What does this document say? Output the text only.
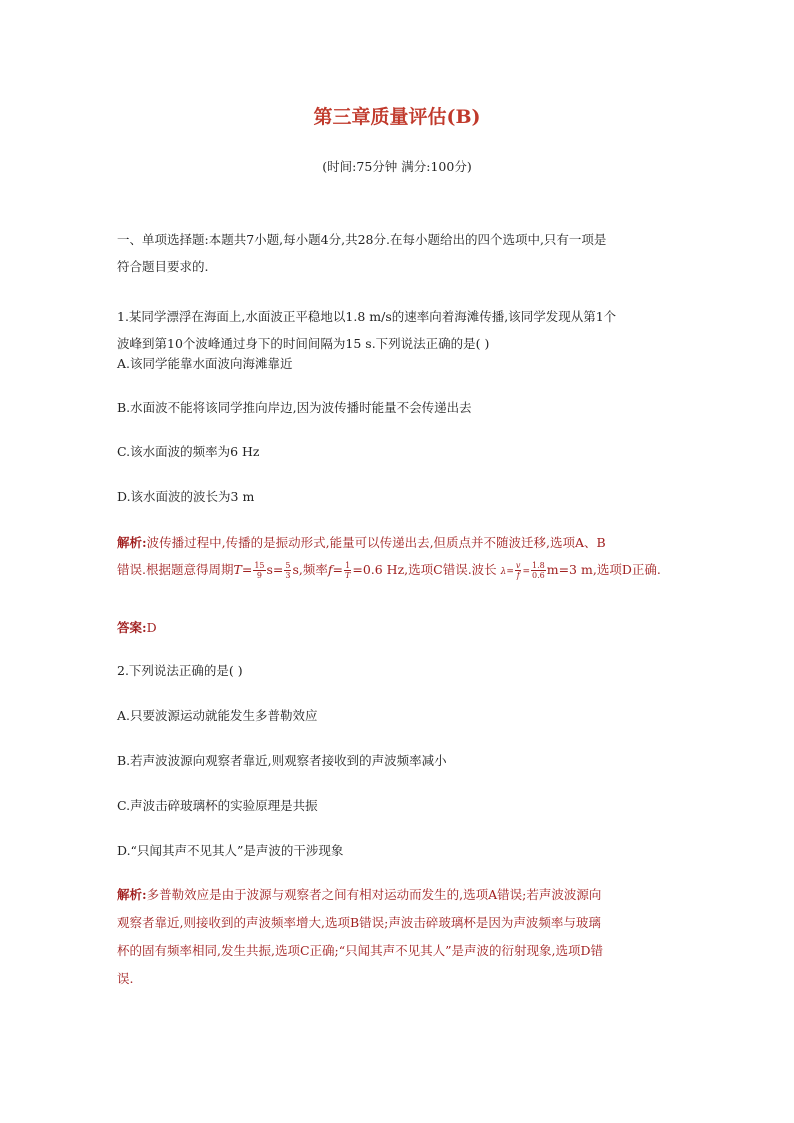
第三章质量评估(B)
(时间:75分钟 满分:100分)
一、单项选择题:本题共7小题,每小题4分,共28分.在每小题给出的四个选项中,只有一项是
符合题目要求的.
1.某同学漂浮在海面上,水面波正平稳地以1.8 m/s的速率向着海滩传播,该同学发现从第1个
波峰到第10个波峰通过身下的时间间隔为15 s.下列说法正确的是( )
A.该同学能靠水面波向海滩靠近
B.水面波不能将该同学推向岸边,因为波传播时能量不会传递出去
C.该水面波的频率为6 Hz
D.该水面波的波长为3 m
解析:波传播过程中,传播的是振动形式,能量可以传递出去,但质点并不随波迁移,选项A、B
错误.根据题意得周期$T= \frac{15}{9} s= \frac{5}{3} s$,频率$f= \frac{1}{T} =0.6$ Hz,选项C错误.波长 $\lambda= \frac{v}{f} = \frac{1.8}{0.6} m=3$ m,选项D正确.
答案:D
2.下列说法正确的是( )
A.只要波源运动就能发生多普勒效应
B.若声波波源向观察者靠近,则观察者接收到的声波频率减小
C.声波击碎玻璃杯的实验原理是共振
D.“只闻其声不见其人”是声波的干涉现象
解析:多普勒效应是由于波源与观察者之间有相对运动而发生的,选项A错误;若声波波源向
观察者靠近,则接收到的声波频率增大,选项B错误;声波击碎玻璃杯是因为声波频率与玻璃
杯的固有频率相同,发生共振,选项C正确;“只闻其声不见其人”是声波的衍射现象,选项D错
误.
